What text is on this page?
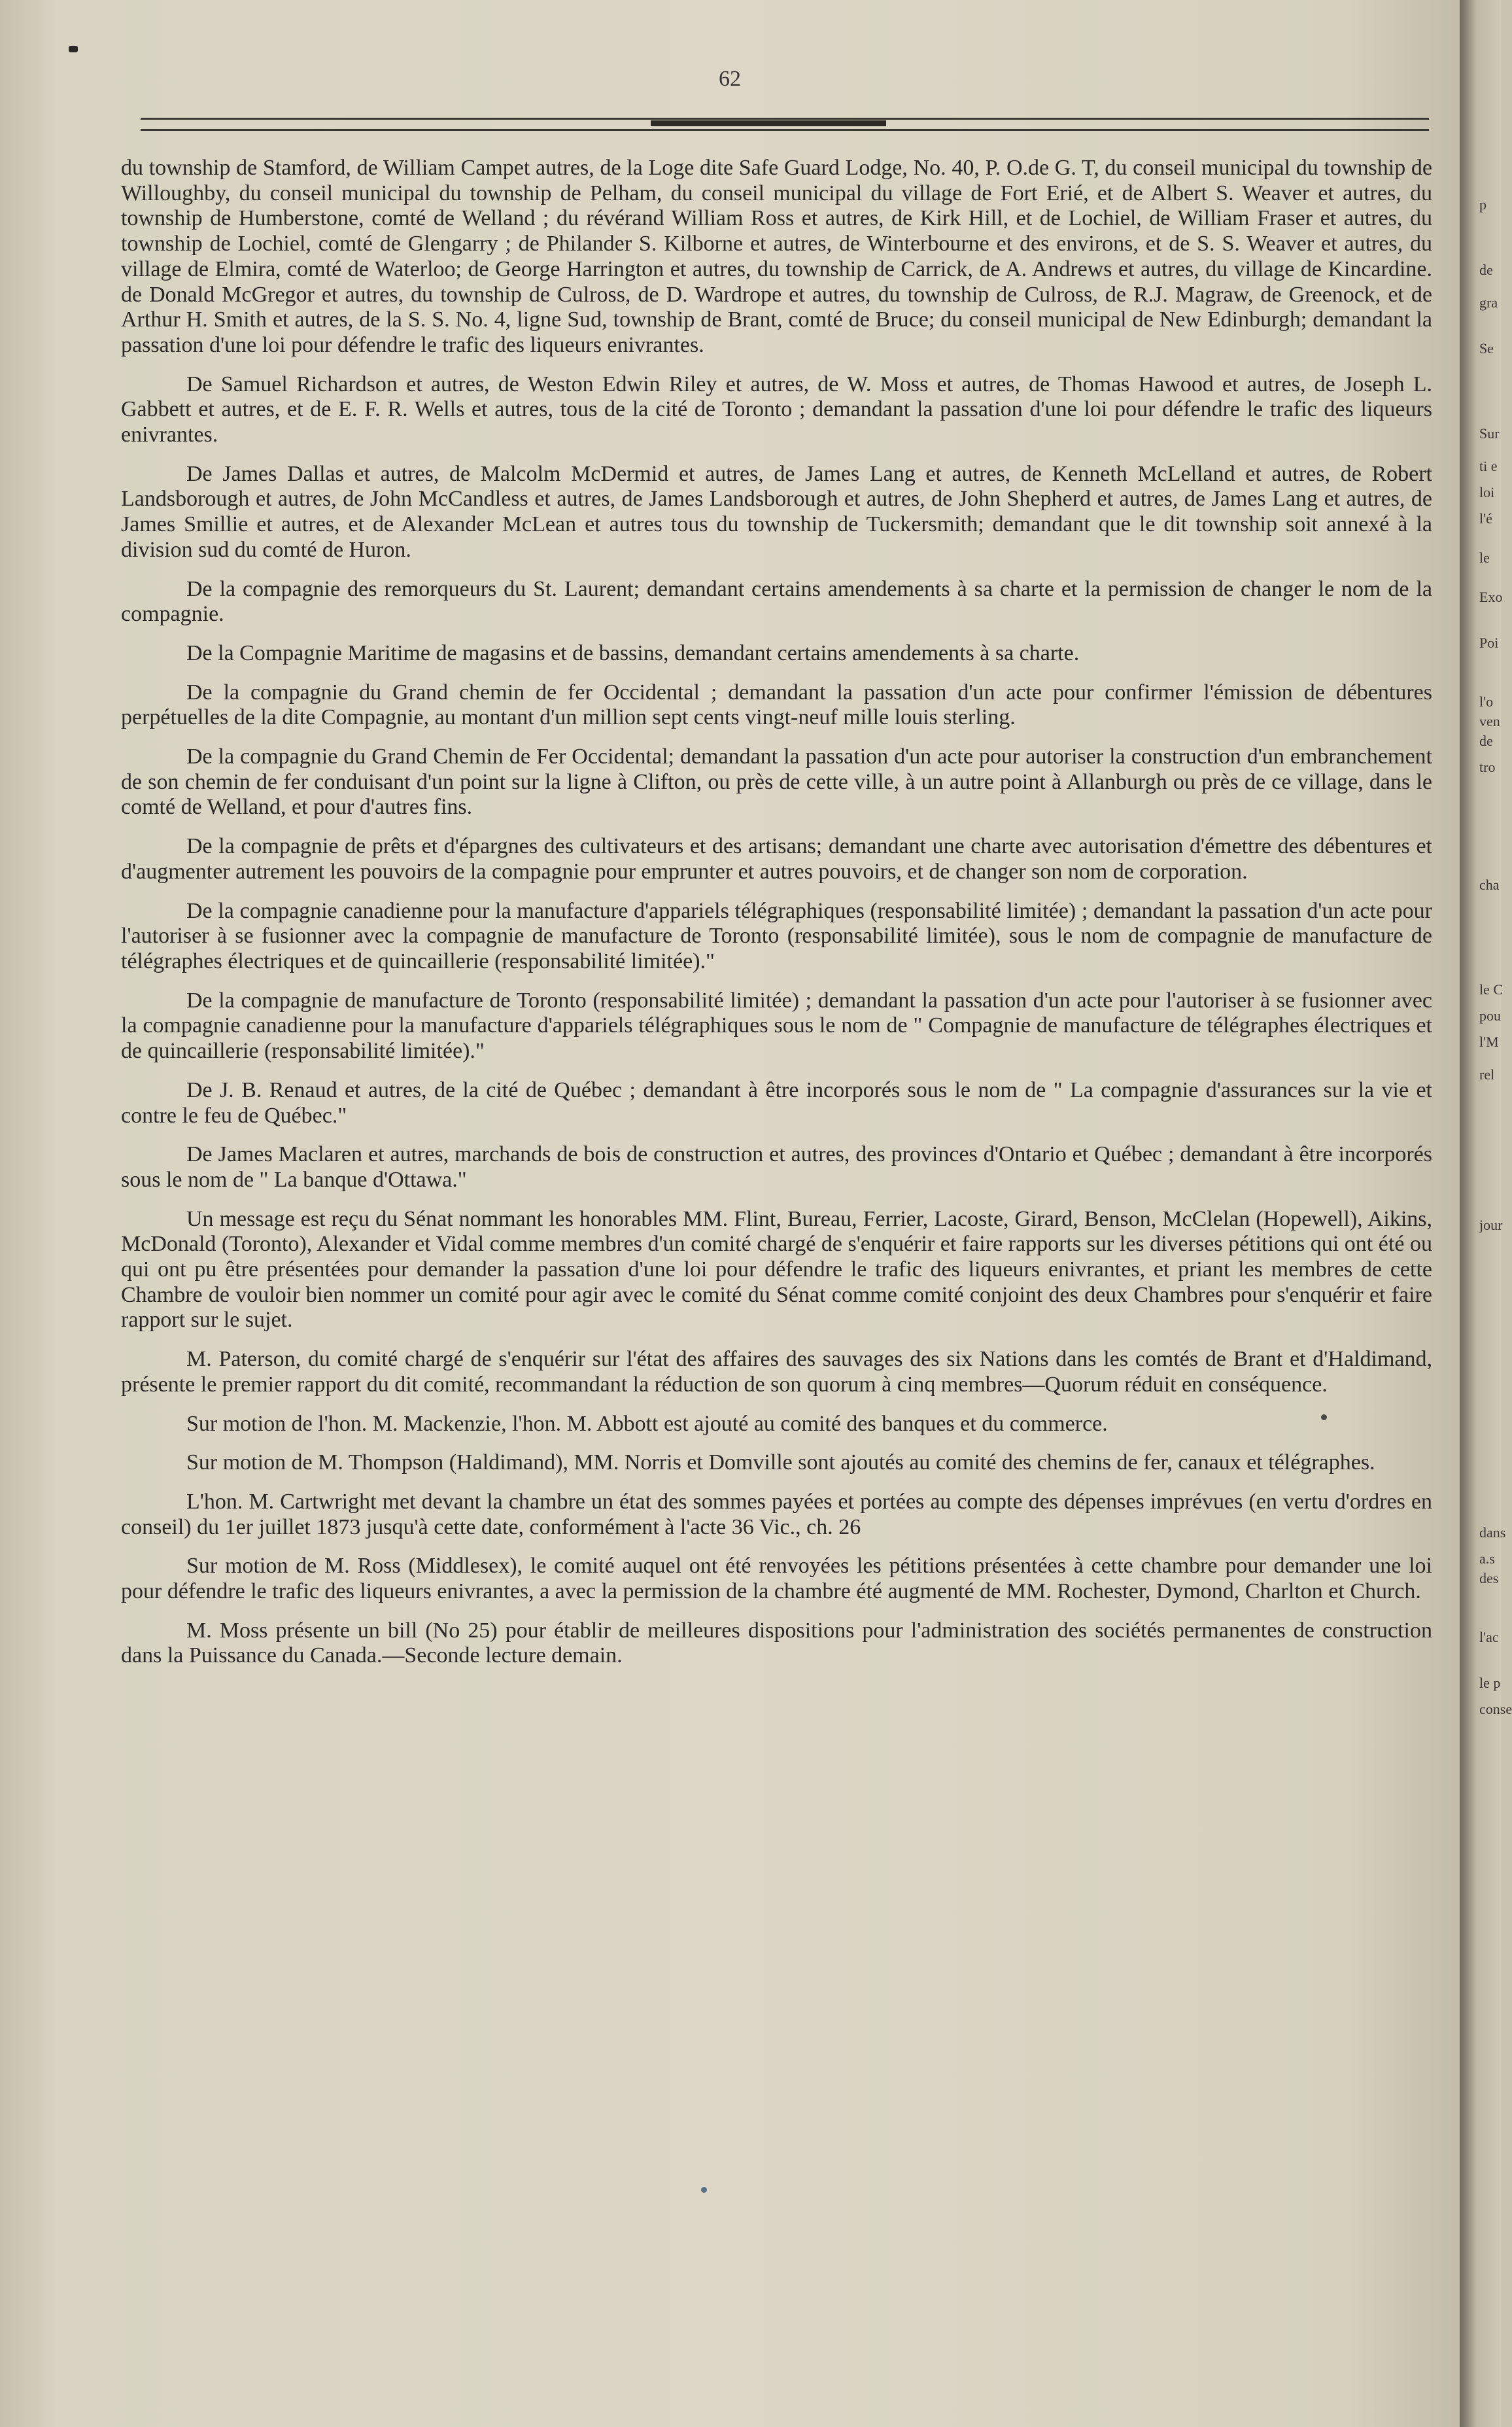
p
de
gra
Se
Sur
ti e
loi
l'é
le
Exo
Poi
l'o
ven
de
tro
cha
le C
pou
l'M
rel
jour
dans
a.s
des
l'ac
le p
conse
62

du township de Stamford, de William Campet autres, de la Loge dite Safe Guard Lodge, No. 40, P. O.de G. T, du conseil municipal du township de Willoughby, du conseil municipal du township de Pelham, du conseil municipal du village de Fort Erié, et de Albert S. Weaver et autres, du township de Humberstone, comté de Welland ; du révérand William Ross et autres, de Kirk Hill, et de Lochiel, de William Fraser et autres, du township de Lochiel, comté de Glengarry ; de Philander S. Kilborne et autres, de Winterbourne et des environs, et de S. S. Weaver et autres, du village de Elmira, comté de Waterloo; de George Harrington et autres, du township de Carrick, de A. Andrews et autres, du village de Kincardine. de Donald McGregor et autres, du township de Culross, de D. Wardrope et autres, du township de Culross, de R.J. Magraw, de Greenock, et de Arthur H. Smith et autres, de la S. S. No. 4, ligne Sud, township de Brant, comté de Bruce; du conseil municipal de New Edinburgh; demandant la passation d'une loi pour défendre le trafic des liqueurs enivrantes.

De Samuel Richardson et autres, de Weston Edwin Riley et autres, de W. Moss et autres, de Thomas Hawood et autres, de Joseph L. Gabbett et autres, et de E. F. R. Wells et autres, tous de la cité de Toronto ; demandant la passation d'une loi pour défendre le trafic des liqueurs enivrantes.

De James Dallas et autres, de Malcolm McDermid et autres, de James Lang et autres, de Kenneth McLelland et autres, de Robert Landsborough et autres, de John McCandless et autres, de James Landsborough et autres, de John Shepherd et autres, de James Lang et autres, de James Smillie et autres, et de Alexander McLean et autres tous du township de Tuckersmith; demandant que le dit township soit annexé à la division sud du comté de Huron.

De la compagnie des remorqueurs du St. Laurent; demandant certains amendements à sa charte et la permission de changer le nom de la compagnie.

De la Compagnie Maritime de magasins et de bassins, demandant certains amendements à sa charte.

De la compagnie du Grand chemin de fer Occidental ; demandant la passation d'un acte pour confirmer l'émission de débentures perpétuelles de la dite Compagnie, au montant d'un million sept cents vingt-neuf mille louis sterling.

De la compagnie du Grand Chemin de Fer Occidental; demandant la passation d'un acte pour autoriser la construction d'un embranchement de son chemin de fer conduisant d'un point sur la ligne à Clifton, ou près de cette ville, à un autre point à Allanburgh ou près de ce village, dans le comté de Welland, et pour d'autres fins.

De la compagnie de prêts et d'épargnes des cultivateurs et des artisans; demandant une charte avec autorisation d'émettre des débentures et d'augmenter autrement les pouvoirs de la compagnie pour emprunter et autres pouvoirs, et de changer son nom de corporation.

De la compagnie canadienne pour la manufacture d'appariels télégraphiques (responsabilité limitée) ; demandant la passation d'un acte pour l'autoriser à se fusionner avec la compagnie de manufacture de Toronto (responsabilité limitée), sous le nom de compagnie de manufacture de télégraphes électriques et de quincaillerie (responsabilité limitée)."

De la compagnie de manufacture de Toronto (responsabilité limitée) ; demandant la passation d'un acte pour l'autoriser à se fusionner avec la compagnie canadienne pour la manufacture d'appariels télégraphiques sous le nom de " Compagnie de manufacture de télégraphes électriques et de quincaillerie (responsabilité limitée)."

De J. B. Renaud et autres, de la cité de Québec ; demandant à être incorporés sous le nom de " La compagnie d'assurances sur la vie et contre le feu de Québec."

De James Maclaren et autres, marchands de bois de construction et autres, des provinces d'Ontario et Québec ; demandant à être incorporés sous le nom de " La banque d'Ottawa."

Un message est reçu du Sénat nommant les honorables MM. Flint, Bureau, Ferrier, Lacoste, Girard, Benson, McClelan (Hopewell), Aikins, McDonald (Toronto), Alexander et Vidal comme membres d'un comité chargé de s'enquérir et faire rapports sur les diverses pétitions qui ont été ou qui ont pu être présentées pour demander la passation d'une loi pour défendre le trafic des liqueurs enivrantes, et priant les membres de cette Chambre de vouloir bien nommer un comité pour agir avec le comité du Sénat comme comité conjoint des deux Chambres pour s'enquérir et faire rapport sur le sujet.

M. Paterson, du comité chargé de s'enquérir sur l'état des affaires des sauvages des six Nations dans les comtés de Brant et d'Haldimand, présente le premier rapport du dit comité, recommandant la réduction de son quorum à cinq membres—Quorum réduit en conséquence.

Sur motion de l'hon. M. Mackenzie, l'hon. M. Abbott est ajouté au comité des banques et du commerce.

Sur motion de M. Thompson (Haldimand), MM. Norris et Domville sont ajoutés au comité des chemins de fer, canaux et télégraphes.

L'hon. M. Cartwright met devant la chambre un état des sommes payées et portées au compte des dépenses imprévues (en vertu d'ordres en conseil) du 1er juillet 1873 jusqu'à cette date, conformément à l'acte 36 Vic., ch. 26

Sur motion de M. Ross (Middlesex), le comité auquel ont été renvoyées les pétitions présentées à cette chambre pour demander une loi pour défendre le trafic des liqueurs enivrantes, a avec la permission de la chambre été augmenté de MM. Rochester, Dymond, Charlton et Church.

M. Moss présente un bill (No 25) pour établir de meilleures dispositions pour l'administration des sociétés permanentes de construction dans la Puissance du Canada.—Seconde lecture demain.
